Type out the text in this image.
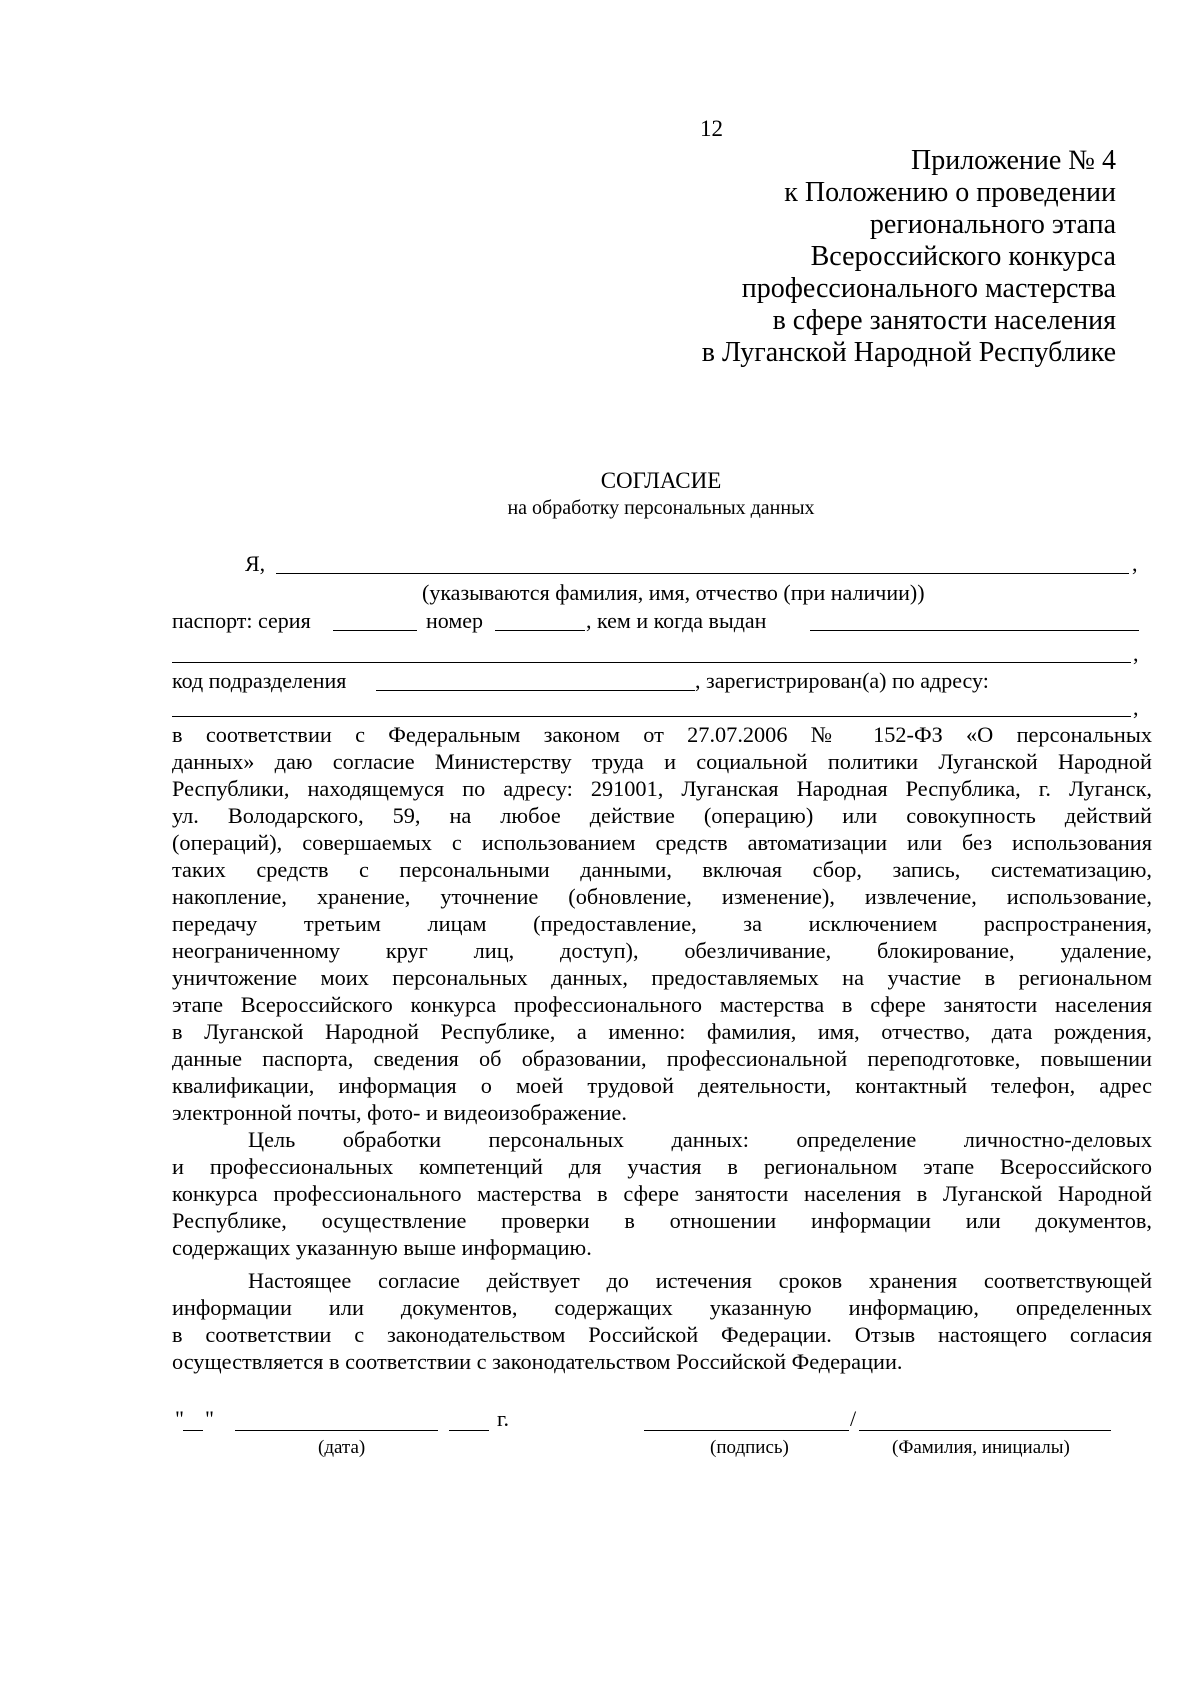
12
Приложение № 4
к Положению о проведении
регионального этапа
Всероссийского конкурса
профессионального мастерства
в сфере занятости населения
в Луганской Народной Республике
СОГЛАСИЕ
на обработку персональных данных
Я,	,
(указываются фамилия, имя, отчество (при наличии))
паспорт: серия	номер	, кем и когда выдан
,
код подразделения	, зарегистрирован(а) по адресу:
,
в соответствии с Федеральным законом от 27.07.2006 № 152-ФЗ «О персональных
данных» даю согласие Министерству труда и социальной политики Луганской Народной
Республики, находящемуся по адресу: 291001, Луганская Народная Республика, г. Луганск,
ул. Володарского, 59, на любое действие (операцию) или совокупность действий
(операций), совершаемых с использованием средств автоматизации или без использования
таких средств с персональными данными, включая сбор, запись, систематизацию,
накопление, хранение, уточнение (обновление, изменение), извлечение, использование,
передачу третьим лицам (предоставление, за исключением распространения,
неограниченному круг лиц, доступ), обезличивание, блокирование, удаление,
уничтожение моих персональных данных, предоставляемых на участие в региональном
этапе Всероссийского конкурса профессионального мастерства в сфере занятости населения
в Луганской Народной Республике, а именно: фамилия, имя, отчество, дата рождения,
данные паспорта, сведения об образовании, профессиональной переподготовке, повышении
квалификации, информация о моей трудовой деятельности, контактный телефон, адрес
электронной почты, фото- и видеоизображение.
Цель обработки персональных данных: определение личностно-деловых
и профессиональных компетенций для участия в региональном этапе Всероссийского
конкурса профессионального мастерства в сфере занятости населения в Луганской Народной
Республике, осуществление проверки в отношении информации или документов,
содержащих указанную выше информацию.
Настоящее согласие действует до истечения сроков хранения соответствующей
информации или документов, содержащих указанную информацию, определенных
в соответствии с законодательством Российской Федерации. Отзыв настоящего согласия
осуществляется в соответствии с законодательством Российской Федерации.
" "	г.	/
(дата)	(подпись)	(Фамилия, инициалы)
